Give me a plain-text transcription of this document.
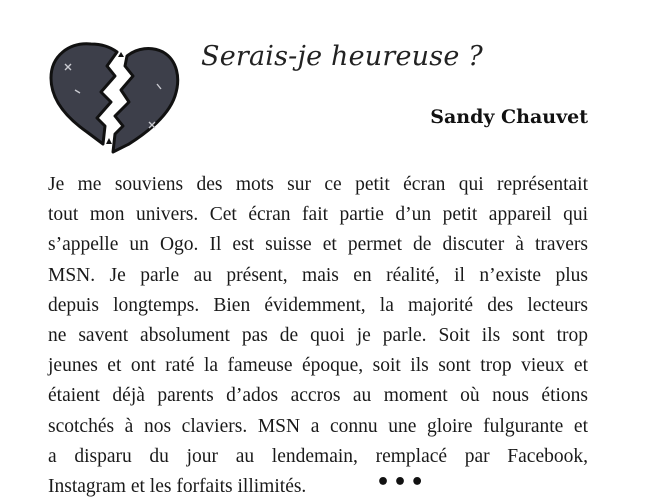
Serais-je heureuse ?
Sandy Chauvet
Je me souviens des mots sur ce petit écran qui représentait
tout mon univers. Cet écran fait partie d’un petit appareil qui
s’appelle un Ogo. Il est suisse et permet de discuter à travers
MSN. Je parle au présent, mais en réalité, il n’existe plus
depuis longtemps. Bien évidemment, la majorité des lecteurs
ne savent absolument pas de quoi je parle. Soit ils sont trop
jeunes et ont raté la fameuse époque, soit ils sont trop vieux et
étaient déjà parents d’ados accros au moment où nous étions
scotchés à nos claviers. MSN a connu une gloire fulgurante et
a disparu du jour au lendemain, remplacé par Facebook,
Instagram et les forfaits illimités.	•••
